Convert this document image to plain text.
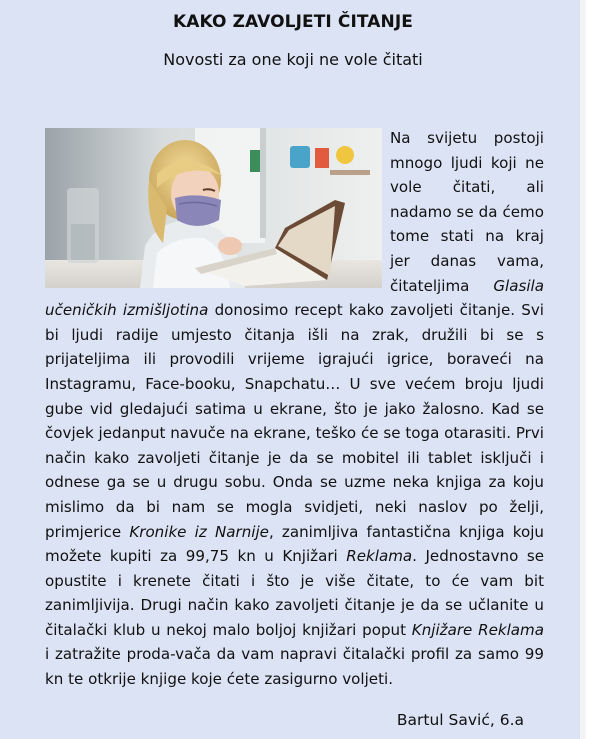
KAKO ZAVOLJETI ČITANJE
Novosti za one koji ne vole čitati

Na svijetu postoji mnogo ljudi koji ne vole čitati, ali nadamo se da ćemo tome stati na kraj jer danas vama, čitateljima Glasila učeničkih izmišljotina donosimo recept kako zavoljeti čitanje. Svi bi ljudi radije umjesto čitanja išli na zrak, družili bi se s prijateljima ili provodili vrijeme igrajući igrice, boraveći na Instagramu, Face-booku, Snapchatu… U sve većem broju ljudi gube vid gledajući satima u ekrane, što je jako žalosno. Kad se čovjek jedanput navuče na ekrane, teško će se toga otarasiti. Prvi način kako zavoljeti čitanje je da se mobitel ili tablet isključi i odnese ga se u drugu sobu. Onda se uzme neka knjiga za koju mislimo da bi nam se mogla svidjeti, neki naslov po želji, primjerice Kronike iz Narnije, zanimljiva fantastična knjiga koju možete kupiti za 99,75 kn u Knjižari Reklama. Jednostavno se opustite i krenete čitati i što je više čitate, to će vam bit zanimljivija. Drugi način kako zavoljeti čitanje je da se učlanite u čitalački klub u nekoj malo boljoj knjižari poput Knjižare Reklama i zatražite proda-vača da vam napravi čitalački profil za samo 99 kn te otkrije knjige koje ćete zasigurno voljeti.

Bartul Savić, 6.a
